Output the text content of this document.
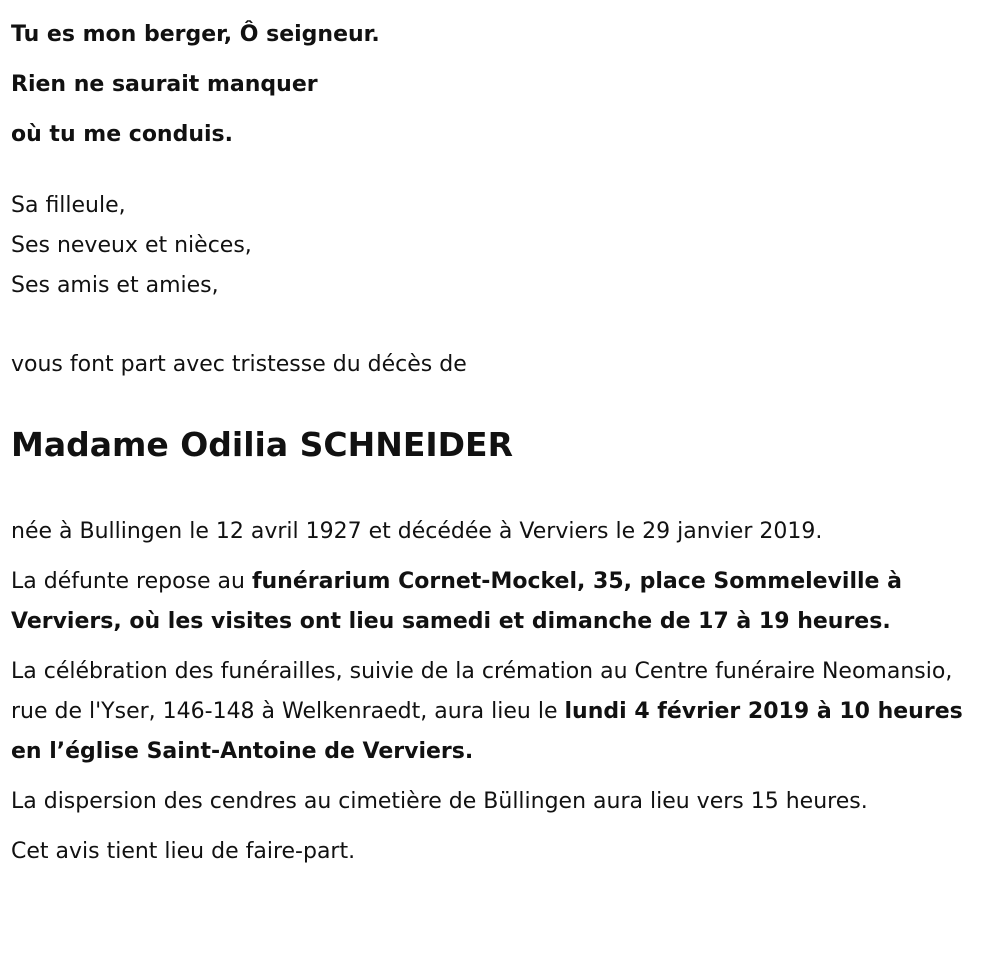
Tu es mon berger, Ô seigneur.
Rien ne saurait manquer
où tu me conduis.
Sa filleule,
Ses neveux et nièces,
Ses amis et amies,
vous font part avec tristesse du décès de
Madame Odilia SCHNEIDER

née à Bullingen le 12 avril 1927 et décédée à Verviers le 29 janvier 2019.

La défunte repose au funérarium Cornet-Mockel, 35, place Sommeleville à Verviers, où les visites ont lieu samedi et dimanche de 17 à 19 heures.

La célébration des funérailles, suivie de la crémation au Centre funéraire Neomansio, rue de l'Yser, 146-148 à Welkenraedt, aura lieu le lundi 4 février 2019 à 10 heures en l’église Saint-Antoine de Verviers.

La dispersion des cendres au cimetière de Büllingen aura lieu vers 15 heures.

Cet avis tient lieu de faire-part.
